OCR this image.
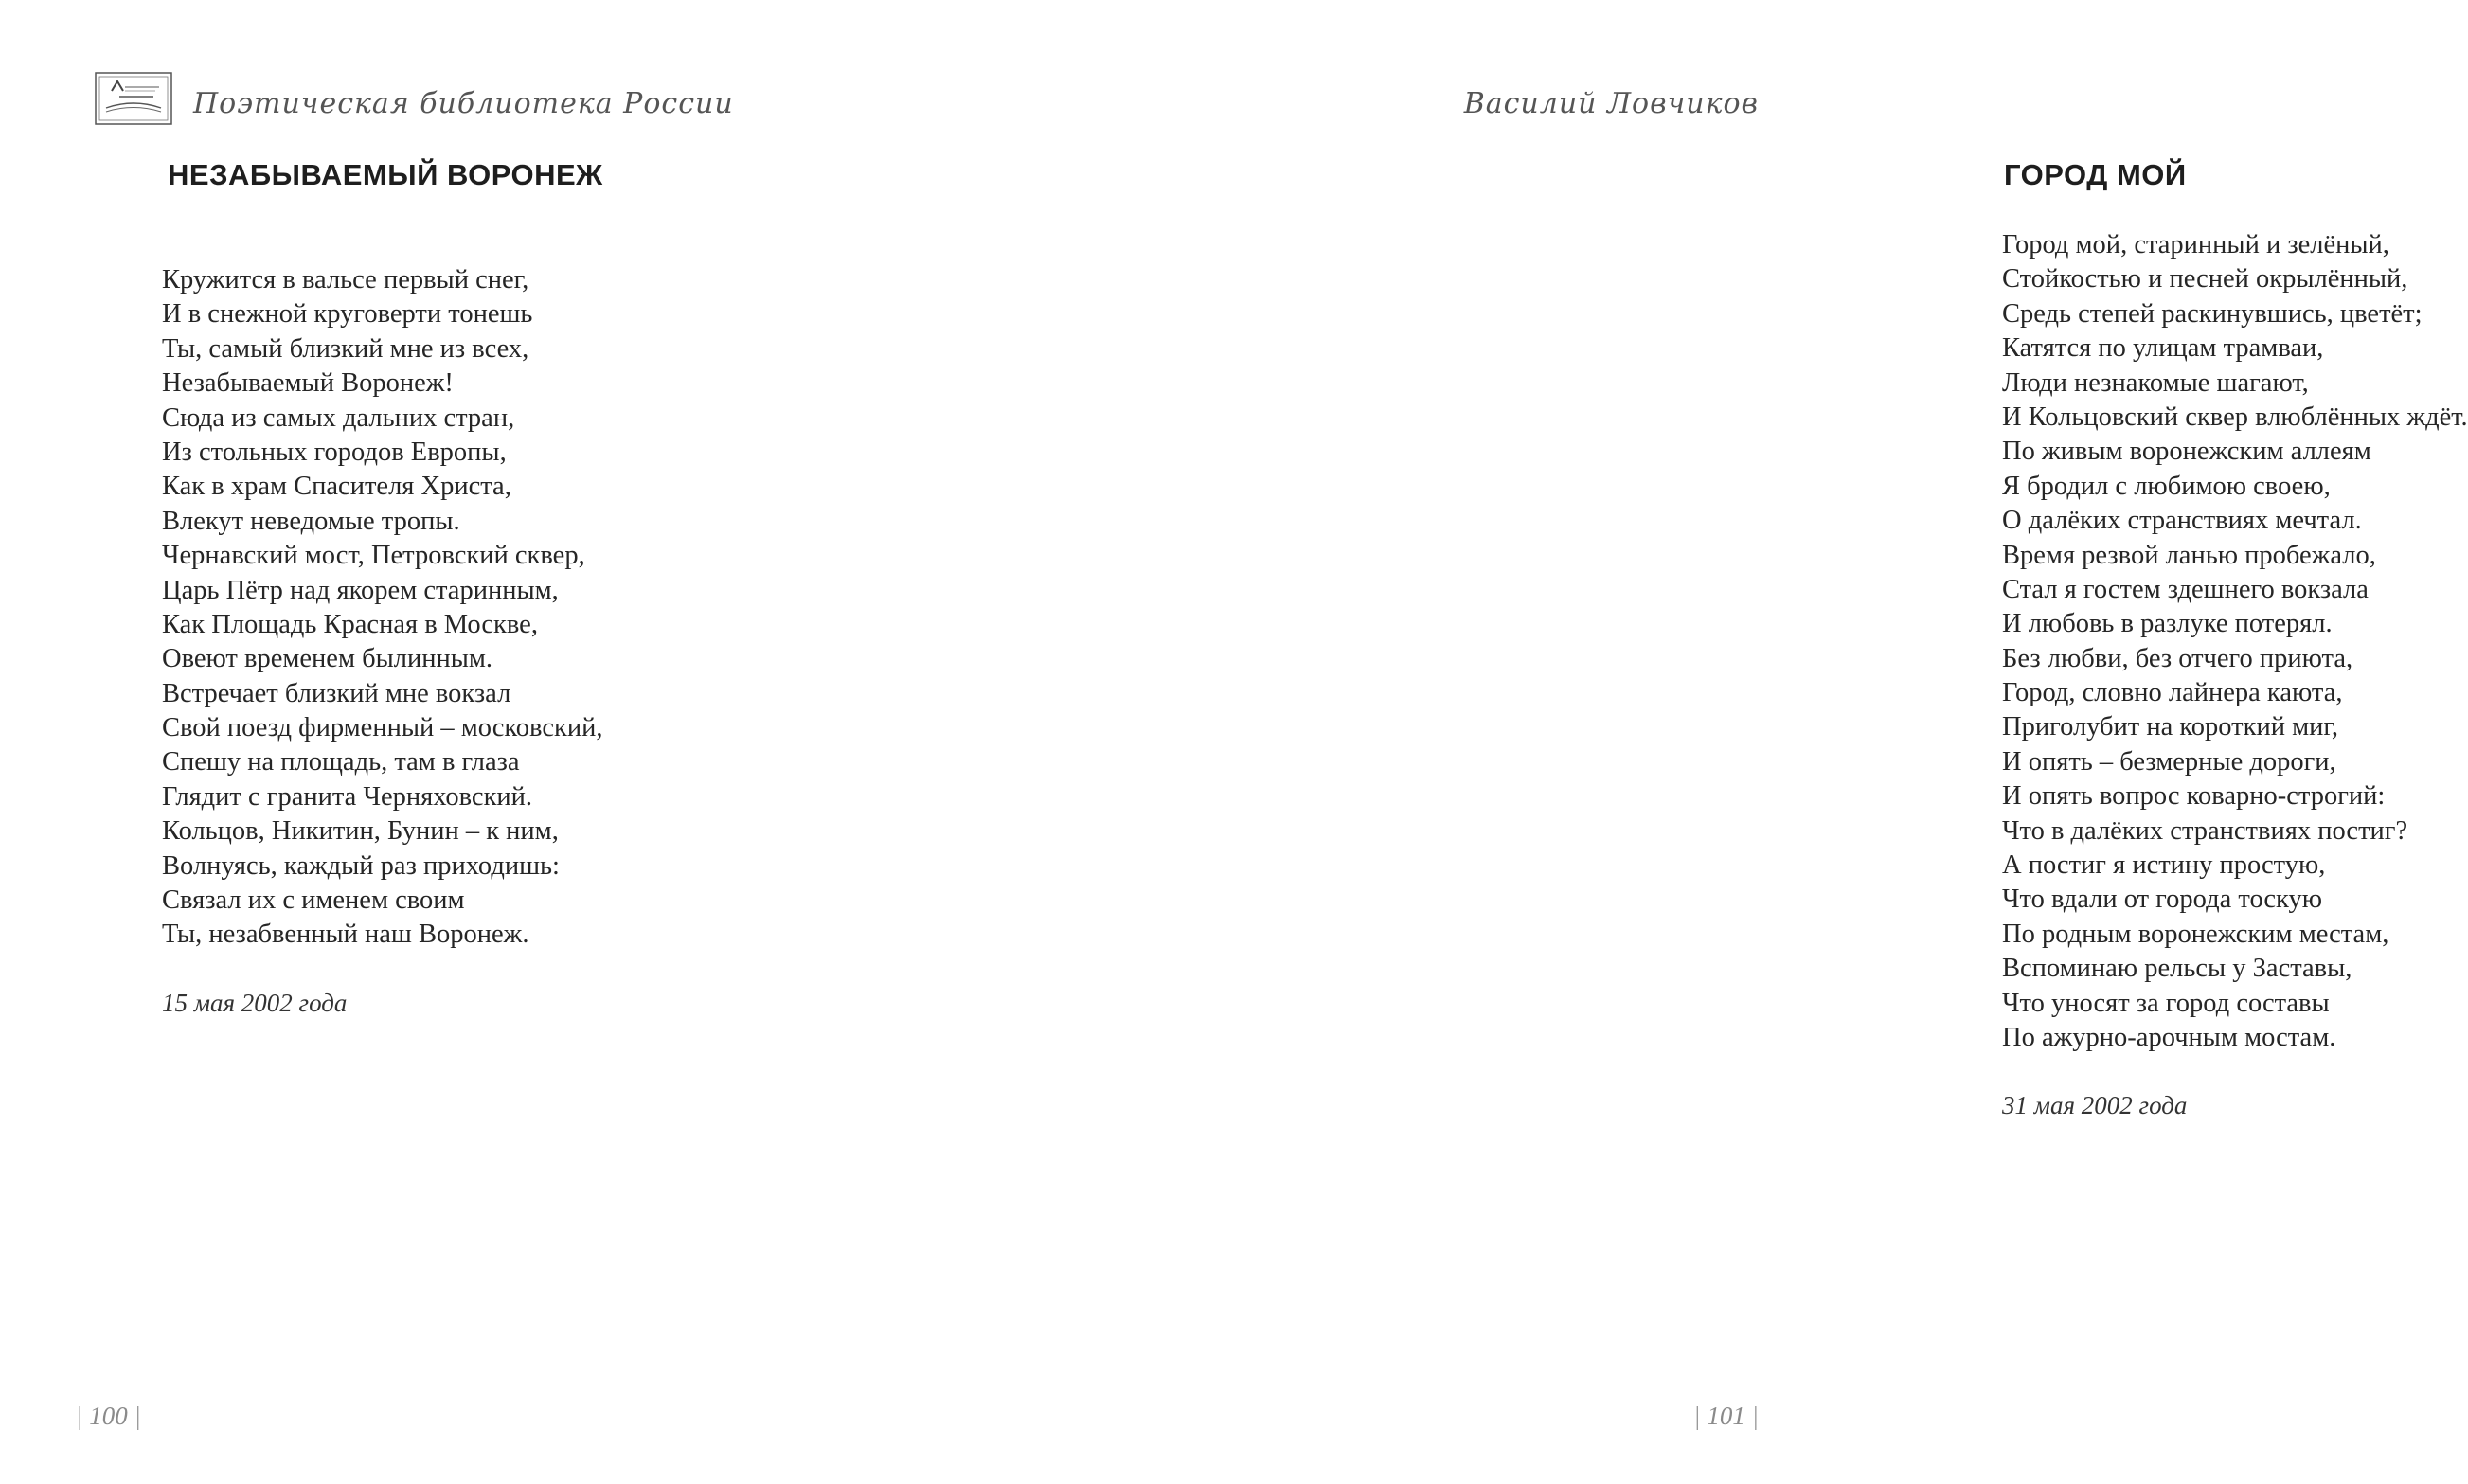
Поэтическая библиотека России
НЕЗАБЫВАЕМЫЙ ВОРОНЕЖ
Кружится в вальсе первый снег,
И в снежной круговерти тонешь
Ты, самый близкий мне из всех,
Незабываемый Воронеж!
Сюда из самых дальних стран,
Из стольных городов Европы,
Как в храм Спасителя Христа,
Влекут неведомые тропы.
Чернавский мост, Петровский сквер,
Царь Пётр над якорем старинным,
Как Площадь Красная в Москве,
Овеют временем былинным.
Встречает близкий мне вокзал
Свой поезд фирменный – московский,
Спешу на площадь, там в глаза
Глядит с гранита Черняховский.
Кольцов, Никитин, Бунин – к ним,
Волнуясь, каждый раз приходишь:
Связал их с именем своим
Ты, незабвенный наш Воронеж.
15 мая 2002 года
| 100 |
Василий Ловчиков
ГОРОД МОЙ
Город мой, старинный и зелёный,
Стойкостью и песней окрылённый,
Средь степей раскинувшись, цветёт;
Катятся по улицам трамваи,
Люди незнакомые шагают,
И Кольцовский сквер влюблённых ждёт.
По живым воронежским аллеям
Я бродил с любимою своею,
О далёких странствиях мечтал.
Время резвой ланью пробежало,
Стал я гостем здешнего вокзала
И любовь в разлуке потерял.
Без любви, без отчего приюта,
Город, словно лайнера каюта,
Приголубит на короткий миг,
И опять – безмерные дороги,
И опять вопрос коварно-строгий:
Что в далёких странствиях постиг?
А постиг я истину простую,
Что вдали от города тоскую
По родным воронежским местам,
Вспоминаю рельсы у Заставы,
Что уносят за город составы
По ажурно-арочным мостам.
31 мая 2002 года
| 101 |
